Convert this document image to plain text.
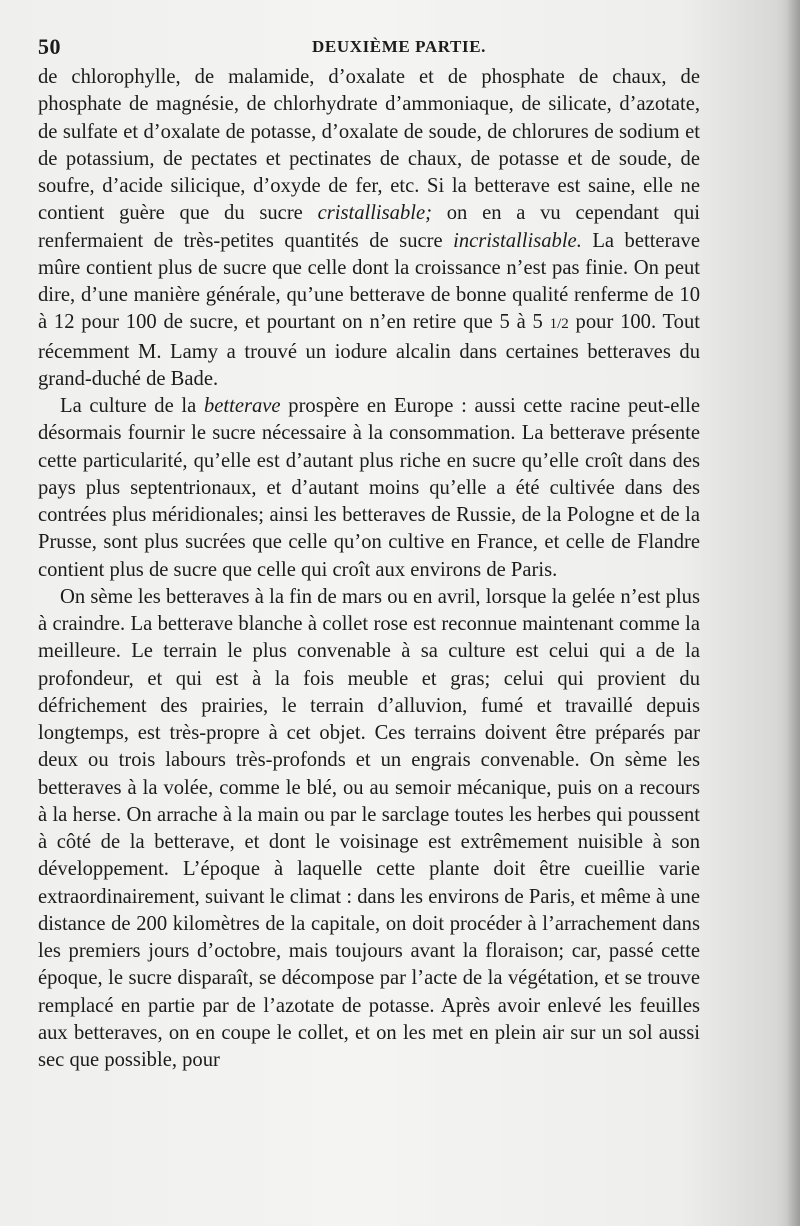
50	DEUXIÈME PARTIE.

de chlorophylle, de malamide, d’oxalate et de phosphate de chaux, de phosphate de magnésie, de chlorhydrate d’ammoniaque, de silicate, d’azotate, de sulfate et d’oxalate de potasse, d’oxalate de soude, de chlorures de sodium et de potassium, de pectates et pectinates de chaux, de potasse et de soude, de soufre, d’acide silicique, d’oxyde de fer, etc. Si la betterave est saine, elle ne contient guère que du sucre cristallisable; on en a vu cependant qui renfermaient de très-petites quantités de sucre incristallisable. La betterave mûre contient plus de sucre que celle dont la croissance n’est pas finie. On peut dire, d’une manière générale, qu’une betterave de bonne qualité renferme de 10 à 12 pour 100 de sucre, et pourtant on n’en retire que 5 à 5 1/2 pour 100. Tout récemment M. Lamy a trouvé un iodure alcalin dans certaines betteraves du grand-duché de Bade.

La culture de la betterave prospère en Europe : aussi cette racine peut-elle désormais fournir le sucre nécessaire à la consommation. La betterave présente cette particularité, qu’elle est d’autant plus riche en sucre qu’elle croît dans des pays plus septentrionaux, et d’autant moins qu’elle a été cultivée dans des contrées plus méridionales; ainsi les betteraves de Russie, de la Pologne et de la Prusse, sont plus sucrées que celle qu’on cultive en France, et celle de Flandre contient plus de sucre que celle qui croît aux environs de Paris.

On sème les betteraves à la fin de mars ou en avril, lorsque la gelée n’est plus à craindre. La betterave blanche à collet rose est reconnue maintenant comme la meilleure. Le terrain le plus convenable à sa culture est celui qui a de la profondeur, et qui est à la fois meuble et gras; celui qui provient du défrichement des prairies, le terrain d’alluvion, fumé et travaillé depuis longtemps, est très-propre à cet objet. Ces terrains doivent être préparés par deux ou trois labours très-profonds et un engrais convenable. On sème les betteraves à la volée, comme le blé, ou au semoir mécanique, puis on a recours à la herse. On arrache à la main ou par le sarclage toutes les herbes qui poussent à côté de la betterave, et dont le voisinage est extrêmement nuisible à son développement. L’époque à laquelle cette plante doit être cueillie varie extraordinairement, suivant le climat : dans les environs de Paris, et même à une distance de 200 kilomètres de la capitale, on doit procéder à l’arrachement dans les premiers jours d’octobre, mais toujours avant la floraison; car, passé cette époque, le sucre disparaît, se décompose par l’acte de la végétation, et se trouve remplacé en partie par de l’azotate de potasse. Après avoir enlevé les feuilles aux betteraves, on en coupe le collet, et on les met en plein air sur un sol aussi sec que possible, pour
